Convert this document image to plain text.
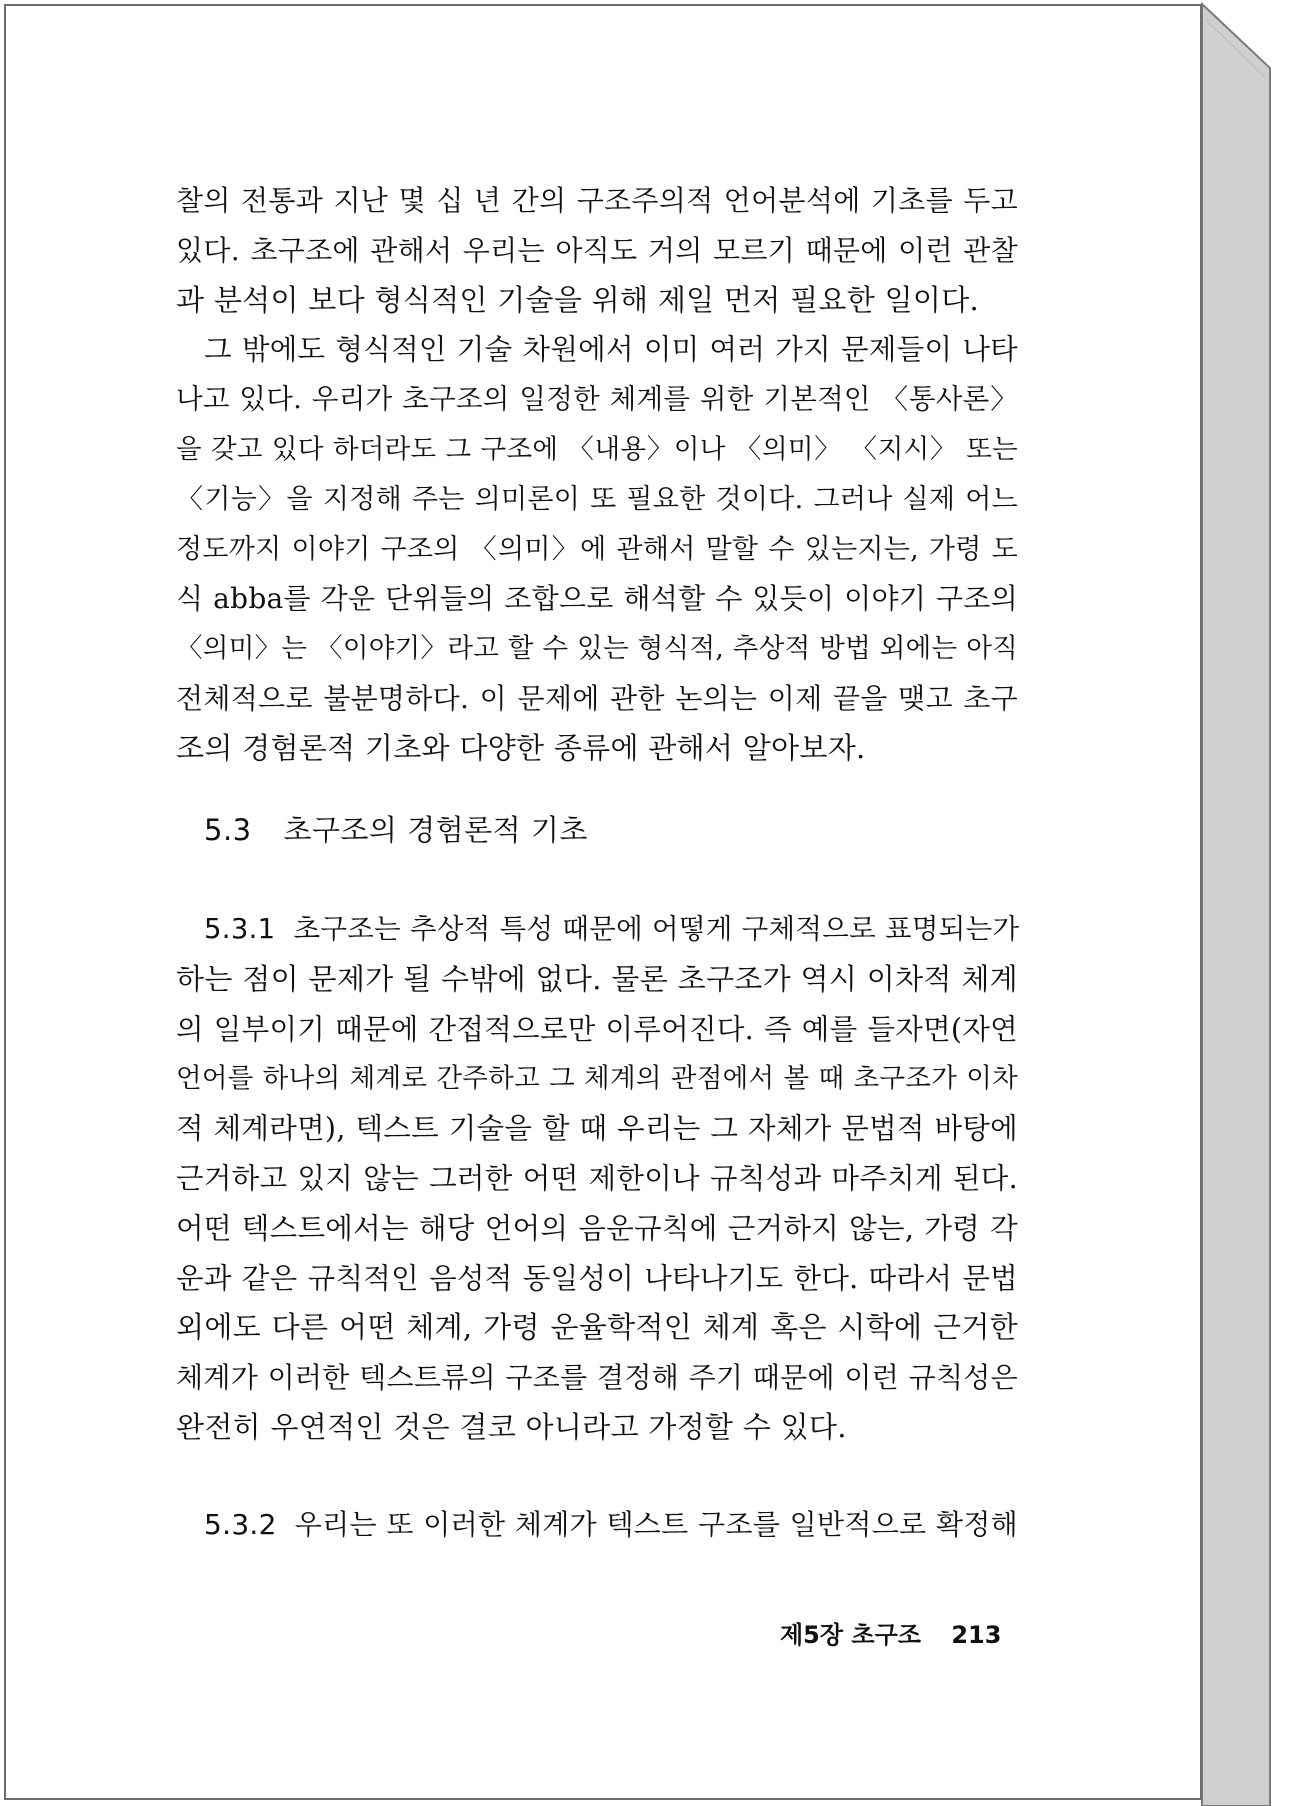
찰의 전통과 지난 몇 십 년 간의 구조주의적 언어분석에 기초를 두고
있다. 초구조에 관해서 우리는 아직도 거의 모르기 때문에 이런 관찰
과 분석이 보다 형식적인 기술을 위해 제일 먼저 필요한 일이다.
그 밖에도 형식적인 기술 차원에서 이미 여러 가지 문제들이 나타
나고 있다. 우리가 초구조의 일정한 체계를 위한 기본적인 〈통사론〉
을 갖고 있다 하더라도 그 구조에 〈내용〉이나 〈의미〉 〈지시〉 또는
〈기능〉을 지정해 주는 의미론이 또 필요한 것이다. 그러나 실제 어느
정도까지 이야기 구조의 〈의미〉에 관해서 말할 수 있는지는, 가령 도
식 abba를 각운 단위들의 조합으로 해석할 수 있듯이 이야기 구조의
〈의미〉는 〈이야기〉라고 할 수 있는 형식적, 추상적 방법 외에는 아직
전체적으로 불분명하다. 이 문제에 관한 논의는 이제 끝을 맺고 초구
조의 경험론적 기초와 다양한 종류에 관해서 알아보자.
5.3 초구조의 경험론적 기초
5.3.1 초구조는 추상적 특성 때문에 어떻게 구체적으로 표명되는가
하는 점이 문제가 될 수밖에 없다. 물론 초구조가 역시 이차적 체계
의 일부이기 때문에 간접적으로만 이루어진다. 즉 예를 들자면(자연
언어를 하나의 체계로 간주하고 그 체계의 관점에서 볼 때 초구조가 이차
적 체계라면), 텍스트 기술을 할 때 우리는 그 자체가 문법적 바탕에
근거하고 있지 않는 그러한 어떤 제한이나 규칙성과 마주치게 된다.
어떤 텍스트에서는 해당 언어의 음운규칙에 근거하지 않는, 가령 각
운과 같은 규칙적인 음성적 동일성이 나타나기도 한다. 따라서 문법
외에도 다른 어떤 체계, 가령 운율학적인 체계 혹은 시학에 근거한
체계가 이러한 텍스트류의 구조를 결정해 주기 때문에 이런 규칙성은
완전히 우연적인 것은 결코 아니라고 가정할 수 있다.
5.3.2 우리는 또 이러한 체계가 텍스트 구조를 일반적으로 확정해
제5장 초구조 213
